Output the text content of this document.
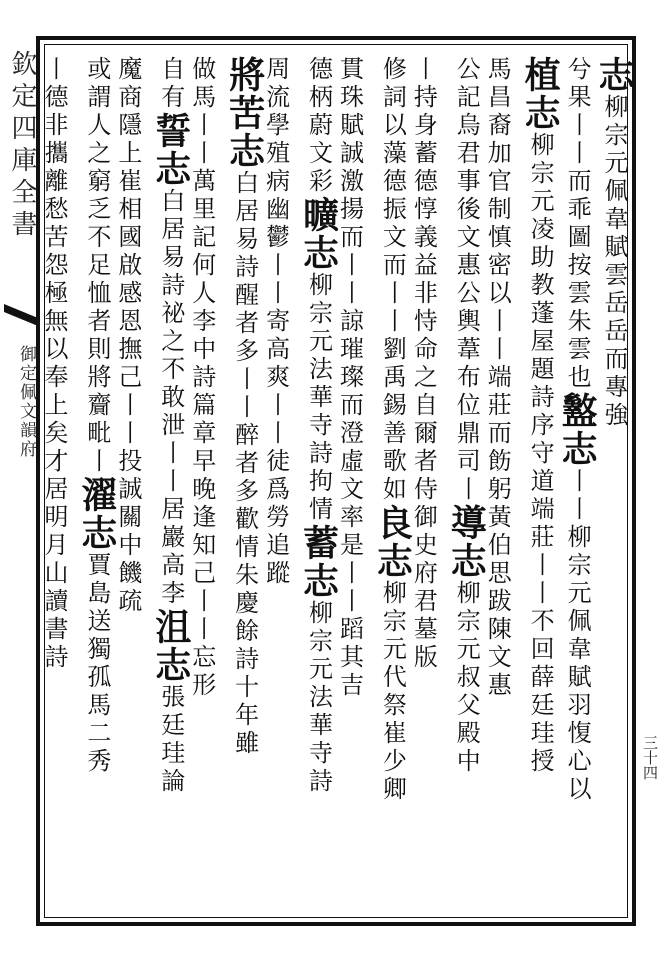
欽定四庫全書
御定佩文韻府
三十四
志柳宗元佩韋賦雲岳岳而專強
兮果丨丨而乖圖按雲朱雲也盭志丨丨柳宗元佩韋賦羽愎心以
植志柳宗元凌助教蓬屋題詩序守道端莊丨丨不回薛廷珪授
馬昌裔加官制慎密以丨丨端莊而飭躬黃伯思跋陳文惠
公記烏君事後文惠公輿葦布位鼎司丨導志柳宗元叔父殿中
丨持身蓄德惇義益非恃命之自爾者侍御史府君墓版
修詞以藻德振文而丨丨劉禹錫善歌如良志柳宗元代祭崔少卿
貫珠賦誠激揚而丨丨諒璀璨而澄虛文率是丨丨蹈其吉
德柄蔚文彩曠志柳宗元法華寺詩拘情蓄志柳宗元法華寺詩
周流學殖病幽鬱丨丨寄高爽丨丨徒爲勞追蹤
將苦志白居易詩醒者多丨丨醉者多歡情朱慶餘詩十年雖
做馬丨丨萬里記何人李中詩篇章早晚逢知己丨丨忘形
自有誓志白居易詩祕之不敢泄丨丨居巖高李沮志張廷珪論
魔商隱上崔相國啟感恩撫己丨丨投誠關中饑疏
或謂人之窮乏不足恤者則將齎毗丨濯志賈島送獨孤馬二秀
丨德非攜離愁苦怨極無以奉上矣才居明月山讀書詩
